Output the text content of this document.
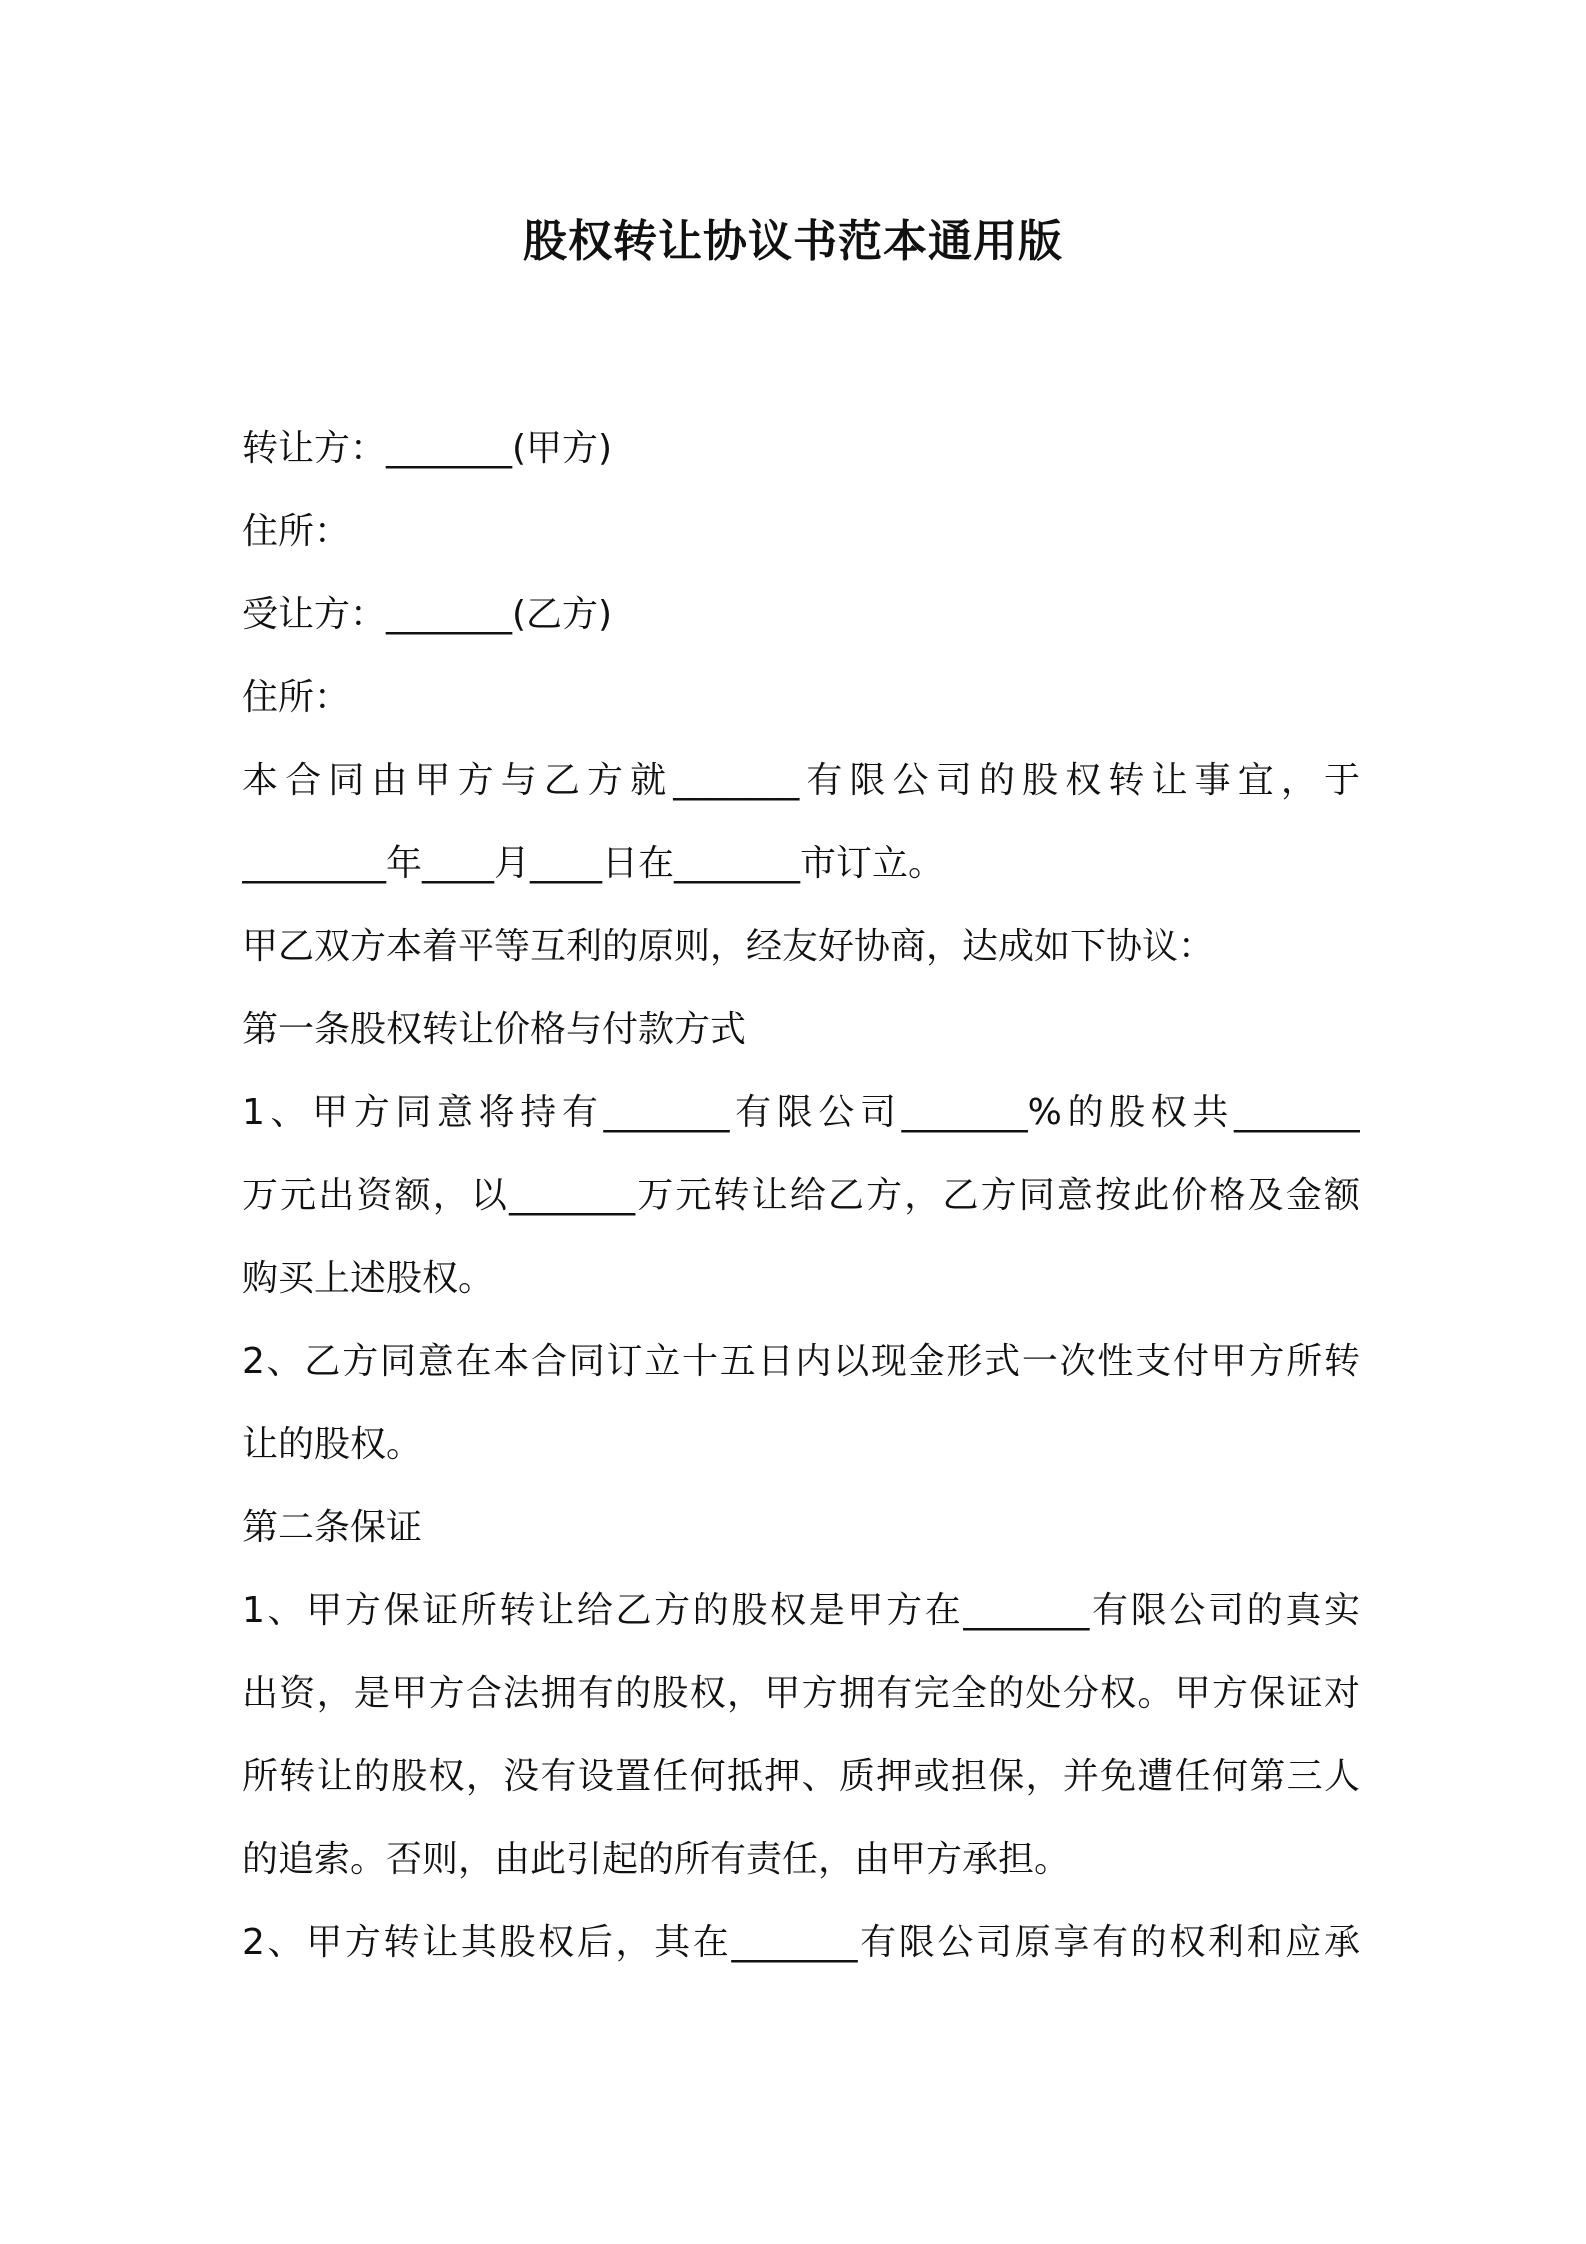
股权转让协议书范本通用版
转让方：_______(甲方)
住所：
受让方：_______(乙方)
住所：
本合同由甲方与乙方就_______有限公司的股权转让事宜，于
________年____月____日在_______市订立。
甲乙双方本着平等互利的原则，经友好协商，达成如下协议：
第一条股权转让价格与付款方式
1、甲方同意将持有_______有限公司_______%的股权共_______
万元出资额，以_______万元转让给乙方，乙方同意按此价格及金额
购买上述股权。
2、乙方同意在本合同订立十五日内以现金形式一次性支付甲方所转
让的股权。
第二条保证
1、甲方保证所转让给乙方的股权是甲方在_______有限公司的真实
出资，是甲方合法拥有的股权，甲方拥有完全的处分权。甲方保证对
所转让的股权，没有设置任何抵押、质押或担保，并免遭任何第三人
的追索。否则，由此引起的所有责任，由甲方承担。
2、甲方转让其股权后，其在_______有限公司原享有的权利和应承
